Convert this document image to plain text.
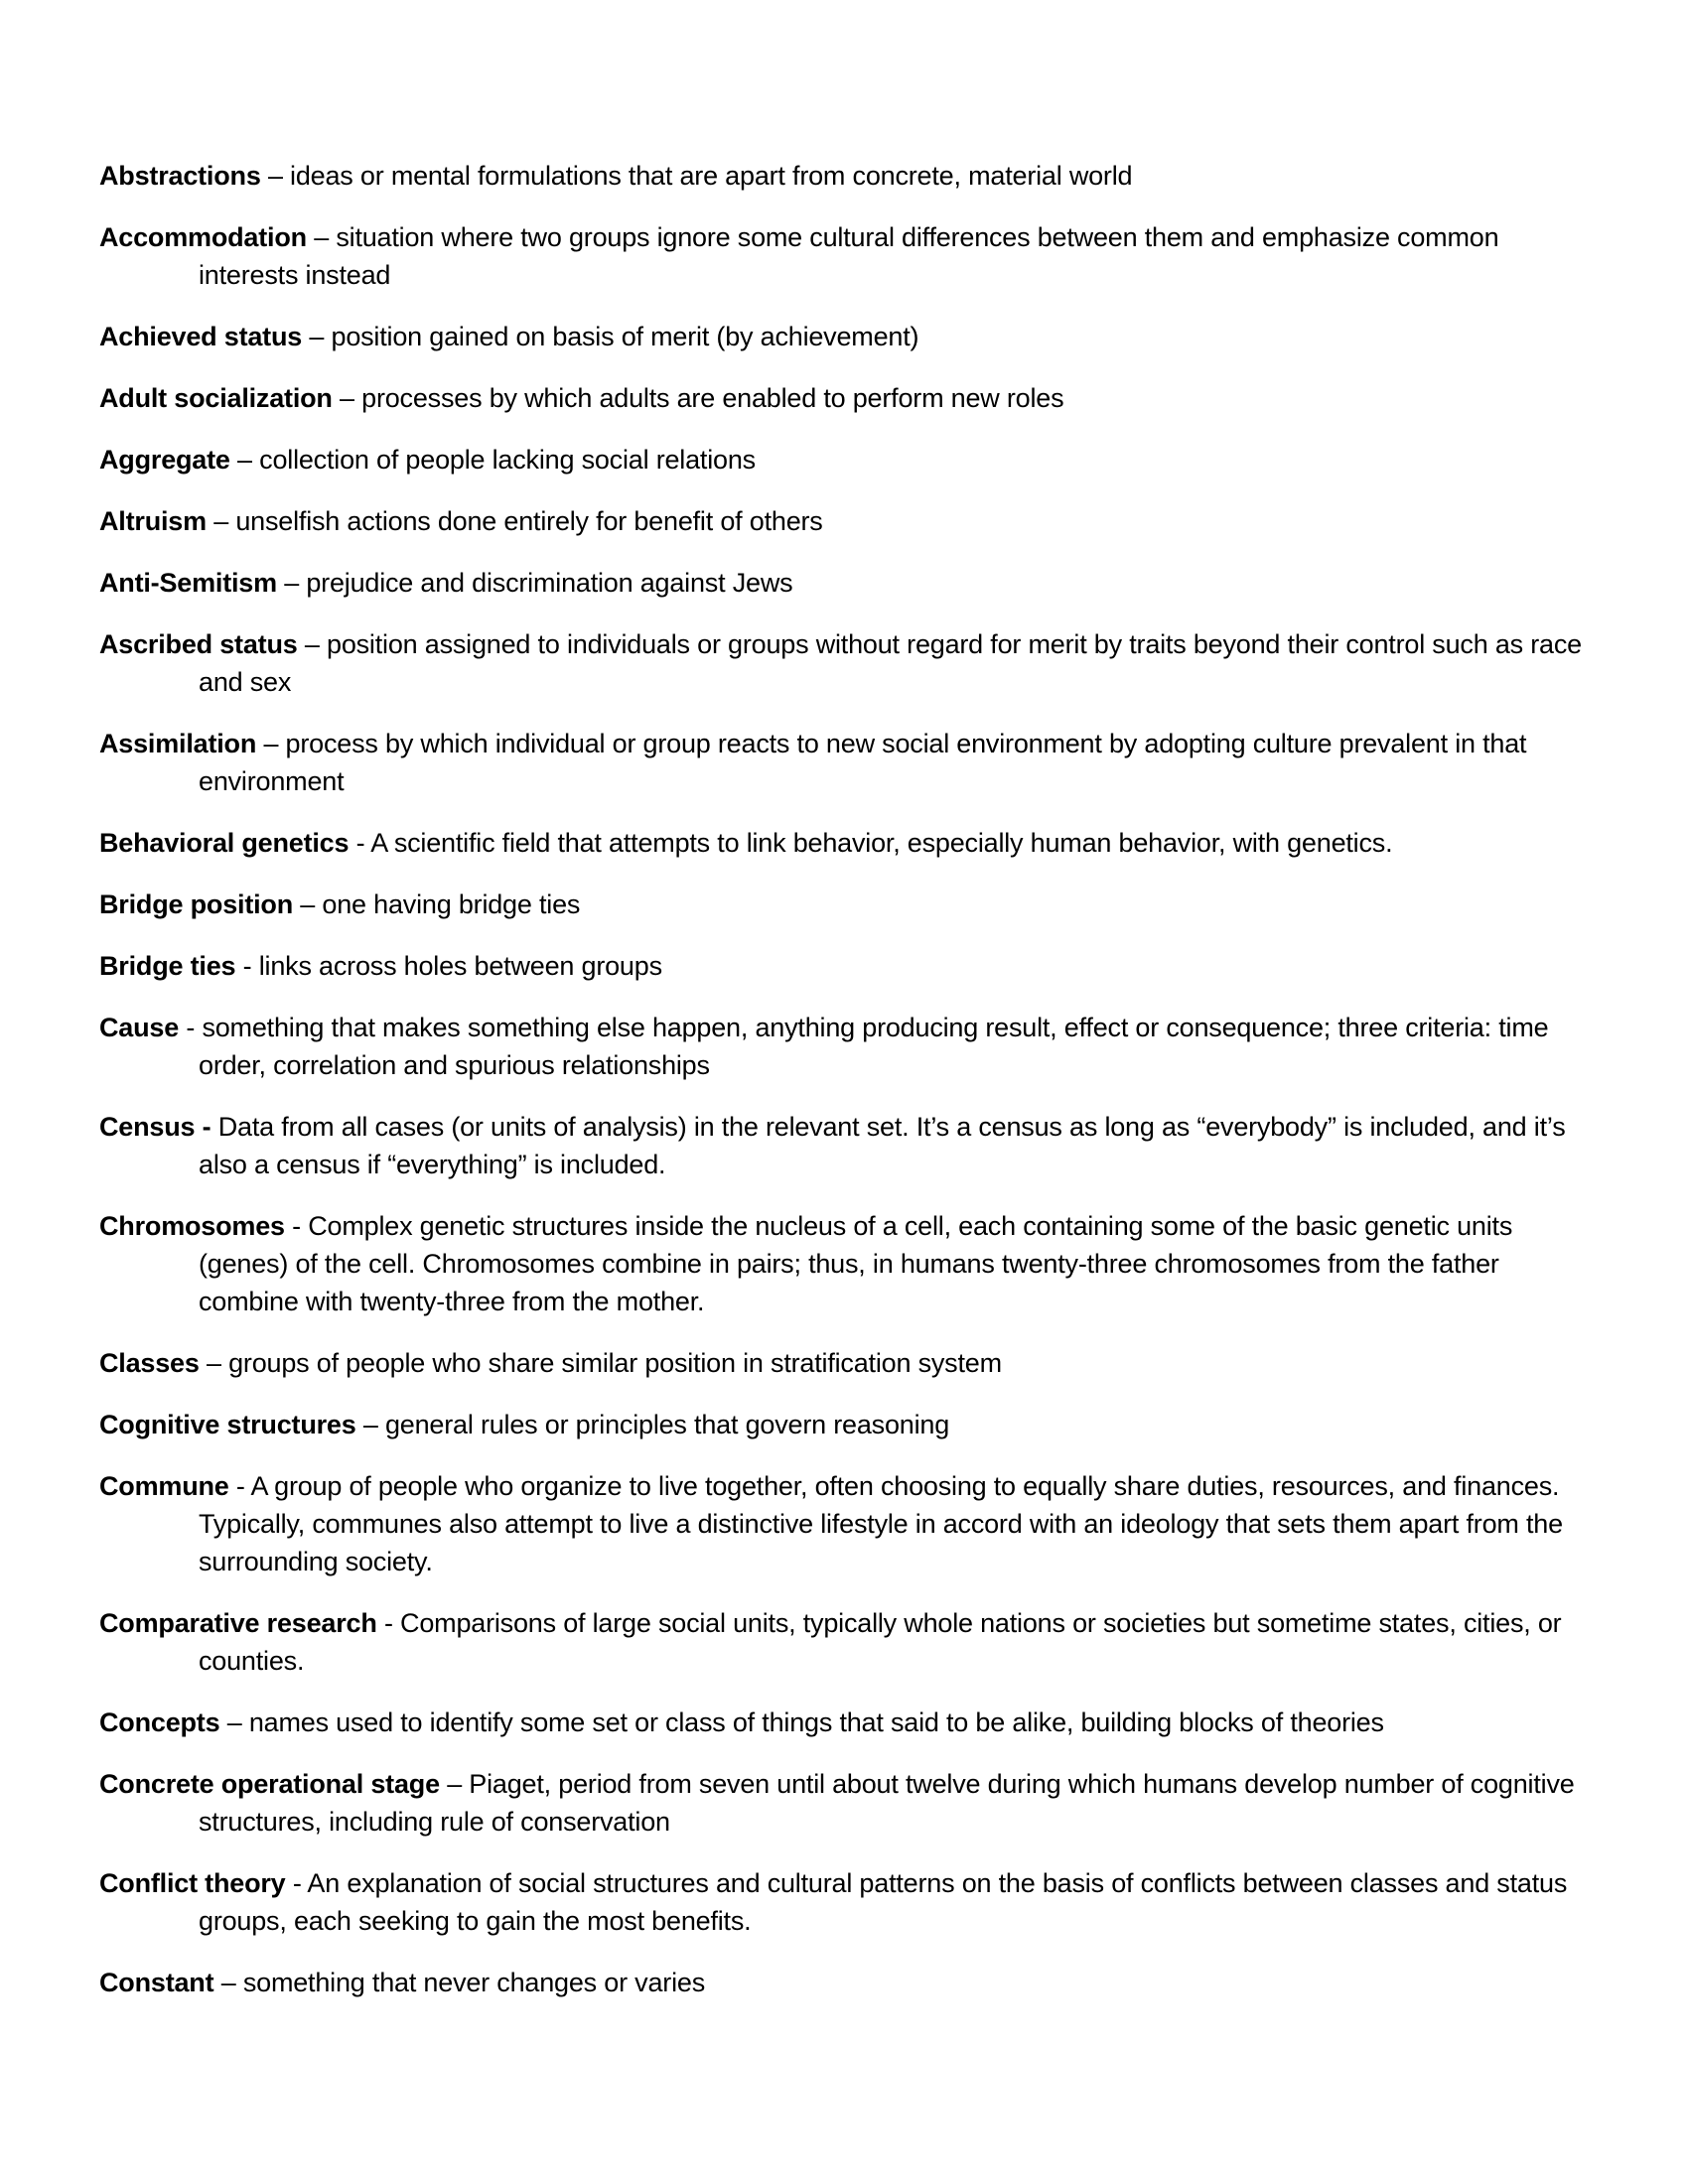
Abstractions – ideas or mental formulations that are apart from concrete, material world

Accommodation – situation where two groups ignore some cultural differences between them and emphasize common interests instead

Achieved status – position gained on basis of merit (by achievement)

Adult socialization – processes by which adults are enabled to perform new roles

Aggregate – collection of people lacking social relations

Altruism – unselfish actions done entirely for benefit of others

Anti-Semitism – prejudice and discrimination against Jews

Ascribed status – position assigned to individuals or groups without regard for merit by traits beyond their control such as race and sex

Assimilation – process by which individual or group reacts to new social environment by adopting culture prevalent in that environment

Behavioral genetics - A scientific field that attempts to link behavior, especially human behavior, with genetics.

Bridge position – one having bridge ties

Bridge ties - links across holes between groups

Cause - something that makes something else happen, anything producing result, effect or consequence; three criteria: time order, correlation and spurious relationships

Census - Data from all cases (or units of analysis) in the relevant set. It’s a census as long as “everybody” is included, and it’s also a census if “everything” is included.

Chromosomes - Complex genetic structures inside the nucleus of a cell, each containing some of the basic genetic units (genes) of the cell. Chromosomes combine in pairs; thus, in humans twenty-three chromosomes from the father combine with twenty-three from the mother.

Classes – groups of people who share similar position in stratification system

Cognitive structures – general rules or principles that govern reasoning

Commune - A group of people who organize to live together, often choosing to equally share duties, resources, and finances. Typically, communes also attempt to live a distinctive lifestyle in accord with an ideology that sets them apart from the surrounding society.

Comparative research - Comparisons of large social units, typically whole nations or societies but sometime states, cities, or counties.

Concepts – names used to identify some set or class of things that said to be alike, building blocks of theories

Concrete operational stage – Piaget, period from seven until about twelve during which humans develop number of cognitive structures, including rule of conservation

Conflict theory - An explanation of social structures and cultural patterns on the basis of conflicts between classes and status groups, each seeking to gain the most benefits.

Constant – something that never changes or varies
